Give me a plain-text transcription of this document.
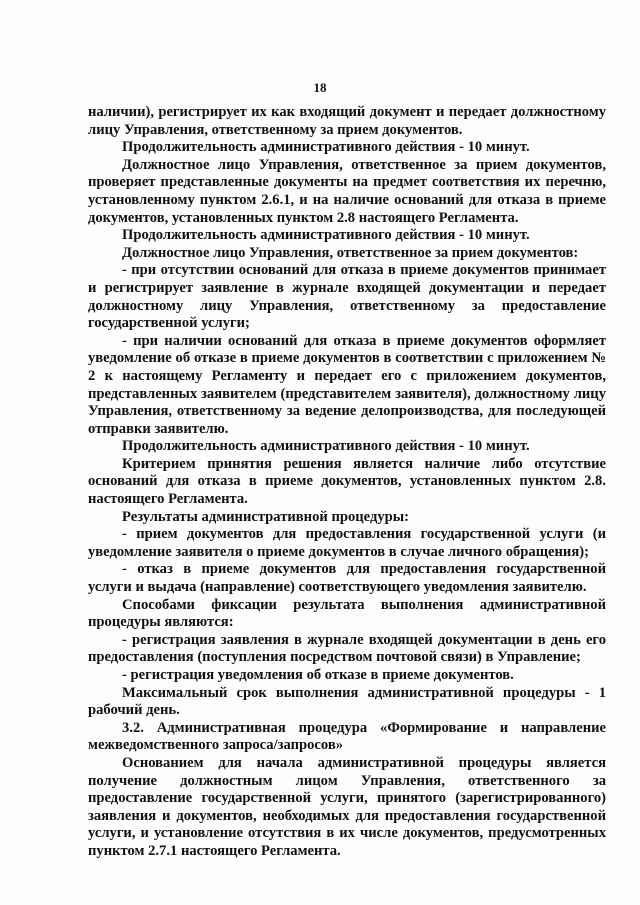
18

наличии), регистрирует их как входящий документ и передает должностному лицу Управления, ответственному за прием документов.

Продолжительность административного действия - 10 минут.

Должностное лицо Управления, ответственное за прием документов, проверяет представленные документы на предмет соответствия их перечню, установленному пунктом 2.6.1, и на наличие оснований для отказа в приеме документов, установленных пунктом 2.8 настоящего Регламента.

Продолжительность административного действия - 10 минут.

Должностное лицо Управления, ответственное за прием документов:

- при отсутствии оснований для отказа в приеме документов принимает и регистрирует заявление в журнале входящей документации и передает должностному лицу Управления, ответственному за предоставление государственной услуги;

- при наличии оснований для отказа в приеме документов оформляет уведомление об отказе в приеме документов в соответствии с приложением № 2 к настоящему Регламенту и передает его с приложением документов, представленных заявителем (представителем заявителя), должностному лицу Управления, ответственному за ведение делопроизводства, для последующей отправки заявителю.

Продолжительность административного действия - 10 минут.

Критерием принятия решения является наличие либо отсутствие оснований для отказа в приеме документов, установленных пунктом 2.8. настоящего Регламента.

Результаты административной процедуры:

- прием документов для предоставления государственной услуги (и уведомление заявителя о приеме документов в случае личного обращения);

- отказ в приеме документов для предоставления государственной услуги и выдача (направление) соответствующего уведомления заявителю.

Способами фиксации результата выполнения административной процедуры являются:

- регистрация заявления в журнале входящей документации в день его предоставления (поступления посредством почтовой связи) в Управление;

- регистрация уведомления об отказе в приеме документов.

Максимальный срок выполнения административной процедуры - 1 рабочий день.

3.2. Административная процедура «Формирование и направление межведомственного запроса/запросов»

Основанием для начала административной процедуры является получение должностным лицом Управления, ответственного за предоставление государственной услуги, принятого (зарегистрированного) заявления и документов, необходимых для предоставления государственной услуги, и установление отсутствия в их числе документов, предусмотренных пунктом 2.7.1 настоящего Регламента.
